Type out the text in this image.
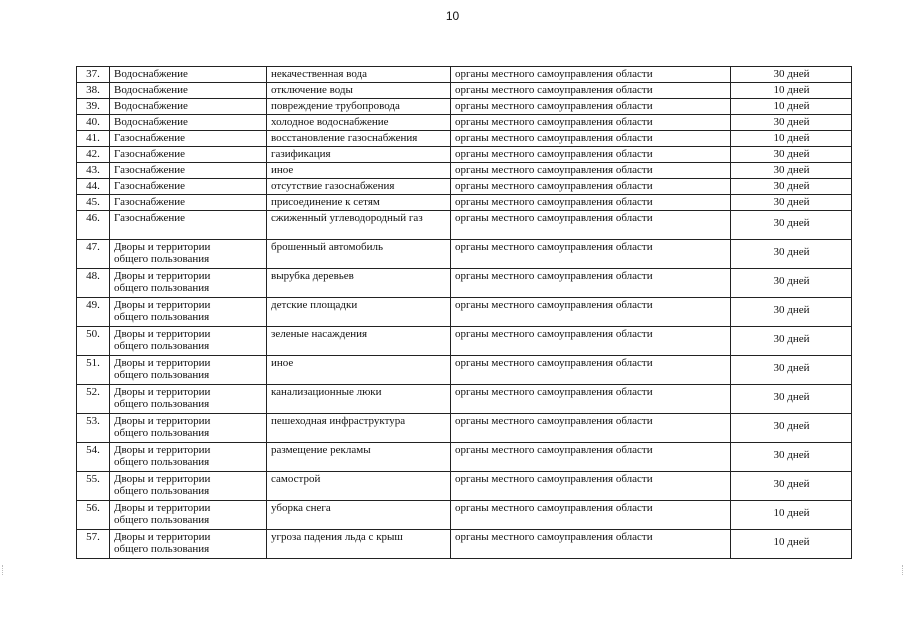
10
37.	Водоснабжение	некачественная вода	органы местного самоуправления области	30 дней
38.	Водоснабжение	отключение воды	органы местного самоуправления области	10 дней
39.	Водоснабжение	повреждение трубопровода	органы местного самоуправления области	10 дней
40.	Водоснабжение	холодное водоснабжение	органы местного самоуправления области	30 дней
41.	Газоснабжение	восстановление газоснабжения	органы местного самоуправления области	10 дней
42.	Газоснабжение	газификация	органы местного самоуправления области	30 дней
43.	Газоснабжение	иное	органы местного самоуправления области	30 дней
44.	Газоснабжение	отсутствие газоснабжения	органы местного самоуправления области	30 дней
45.	Газоснабжение	присоединение к сетям	органы местного самоуправления области	30 дней
46.	Газоснабжение	сжиженный углеводородный газ	органы местного самоуправления области	30 дней
47.	Дворы и территории
общего пользования	брошенный автомобиль	органы местного самоуправления области	30 дней
48.	Дворы и территории
общего пользования	вырубка деревьев	органы местного самоуправления области	30 дней
49.	Дворы и территории
общего пользования	детские площадки	органы местного самоуправления области	30 дней
50.	Дворы и территории
общего пользования	зеленые насаждения	органы местного самоуправления области	30 дней
51.	Дворы и территории
общего пользования	иное	органы местного самоуправления области	30 дней
52.	Дворы и территории
общего пользования	канализационные люки	органы местного самоуправления области	30 дней
53.	Дворы и территории
общего пользования	пешеходная инфраструктура	органы местного самоуправления области	30 дней
54.	Дворы и территории
общего пользования	размещение рекламы	органы местного самоуправления области	30 дней
55.	Дворы и территории
общего пользования	самострой	органы местного самоуправления области	30 дней
56.	Дворы и территории
общего пользования	уборка снега	органы местного самоуправления области	10 дней
57.	Дворы и территории
общего пользования	угроза падения льда с крыш	органы местного самоуправления области	10 дней
